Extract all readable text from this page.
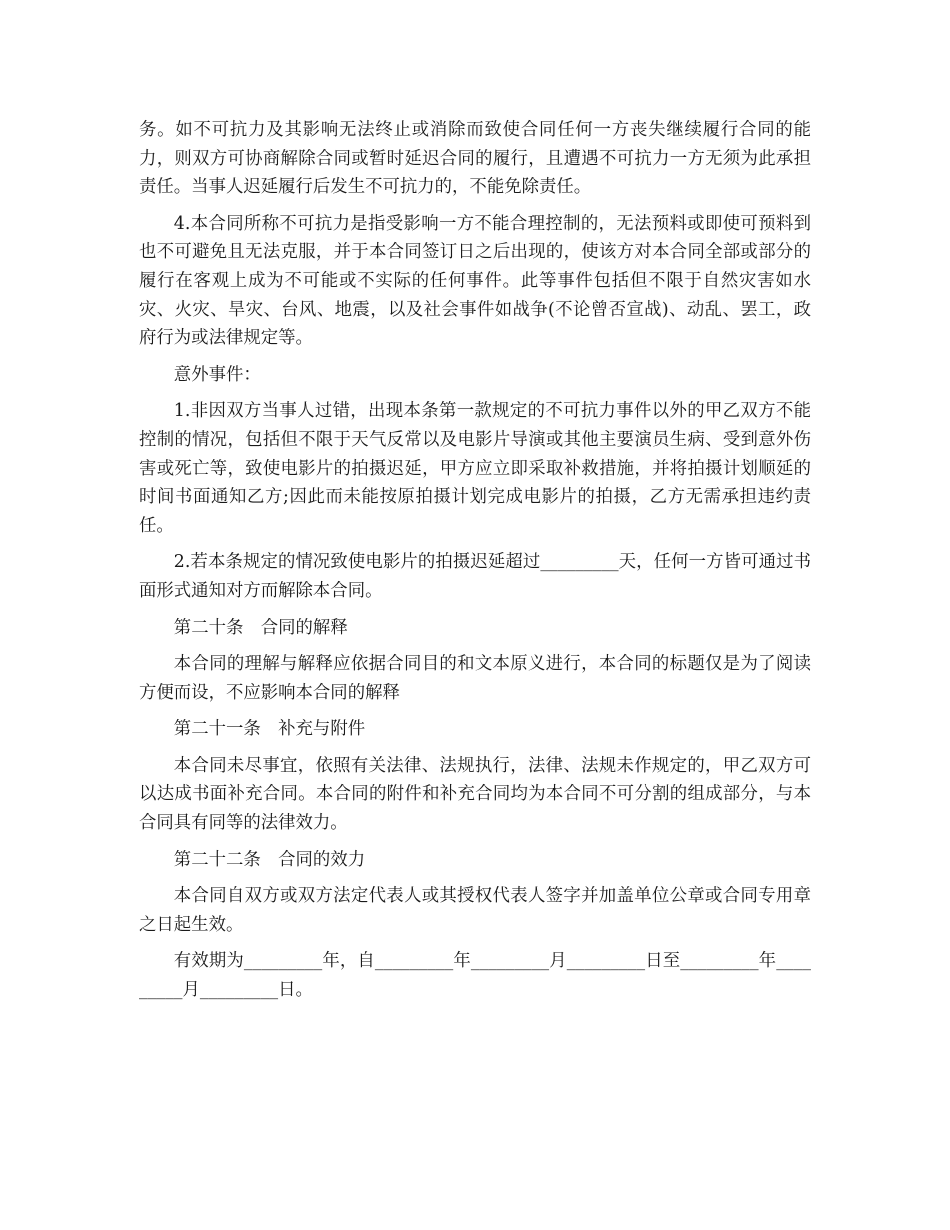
务。如不可抗力及其影响无法终止或消除而致使合同任何一方丧失继续履行合同的能力，则双方可协商解除合同或暂时延迟合同的履行，且遭遇不可抗力一方无须为此承担责任。当事人迟延履行后发生不可抗力的，不能免除责任。

4.本合同所称不可抗力是指受影响一方不能合理控制的，无法预料或即使可预料到也不可避免且无法克服，并于本合同签订日之后出现的，使该方对本合同全部或部分的履行在客观上成为不可能或不实际的任何事件。此等事件包括但不限于自然灾害如水灾、火灾、旱灾、台风、地震，以及社会事件如战争(不论曾否宣战)、动乱、罢工，政府行为或法律规定等。

意外事件：

1.非因双方当事人过错，出现本条第一款规定的不可抗力事件以外的甲乙双方不能控制的情况，包括但不限于天气反常以及电影片导演或其他主要演员生病、受到意外伤害或死亡等，致使电影片的拍摄迟延，甲方应立即采取补救措施，并将拍摄计划顺延的时间书面通知乙方;因此而未能按原拍摄计划完成电影片的拍摄，乙方无需承担违约责任。

2.若本条规定的情况致使电影片的拍摄迟延超过_________天，任何一方皆可通过书面形式通知对方而解除本合同。

第二十条　合同的解释

本合同的理解与解释应依据合同目的和文本原义进行，本合同的标题仅是为了阅读方便而设，不应影响本合同的解释

第二十一条　补充与附件

本合同未尽事宜，依照有关法律、法规执行，法律、法规未作规定的，甲乙双方可以达成书面补充合同。本合同的附件和补充合同均为本合同不可分割的组成部分，与本合同具有同等的法律效力。

第二十二条　合同的效力

本合同自双方或双方法定代表人或其授权代表人签字并加盖单位公章或合同专用章之日起生效。

有效期为_________年，自_________年_________月_________日至_________年_________月_________日。
